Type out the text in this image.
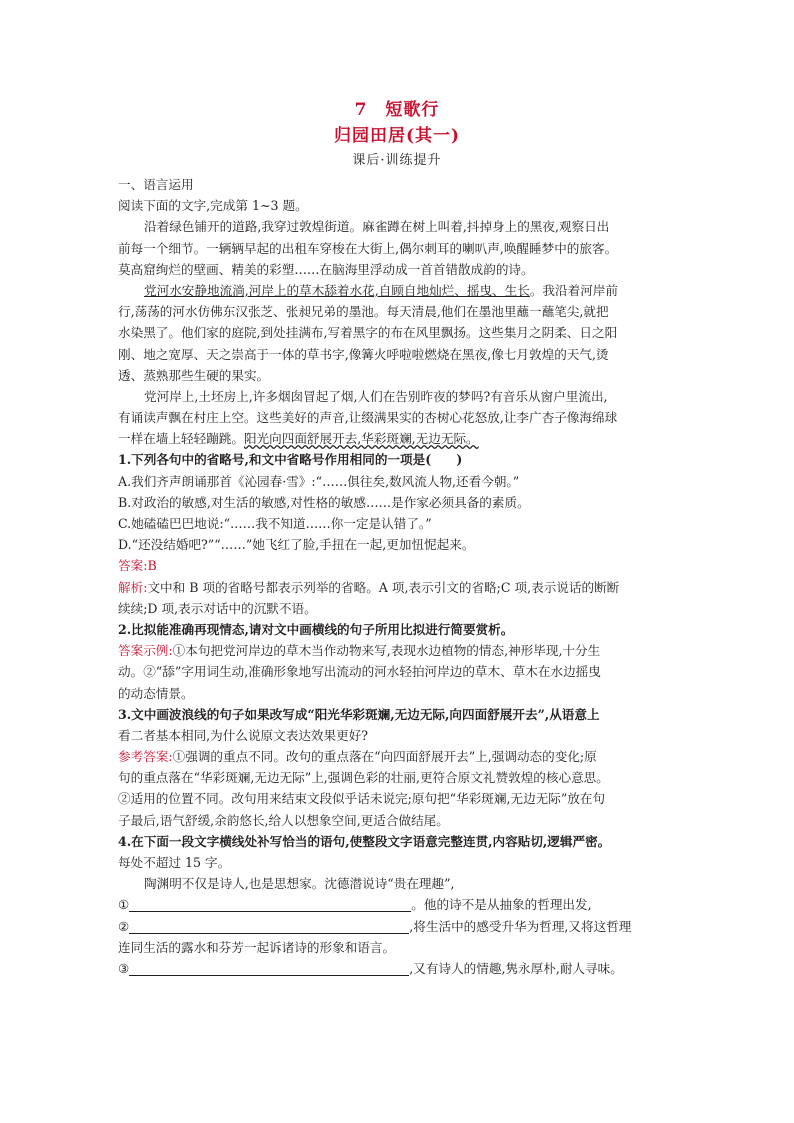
7　短歌行
归园田居(其一)
课后·训练提升
一、语言运用
阅读下面的文字,完成第 1~3 题。
沿着绿色铺开的道路,我穿过敦煌街道。麻雀蹲在树上叫着,抖掉身上的黑夜,观察日出
前每一个细节。一辆辆早起的出租车穿梭在大街上,偶尔刺耳的喇叭声,唤醒睡梦中的旅客。
莫高窟绚烂的壁画、精美的彩塑……在脑海里浮动成一首首错散成韵的诗。
党河水安静地流淌,河岸上的草木舔着水花,自顾自地灿烂、摇曳、生长。我沿着河岸前
行,荡荡的河水仿佛东汉张芝、张昶兄弟的墨池。每天清晨,他们在墨池里蘸一蘸笔尖,就把
水染黑了。他们家的庭院,到处挂满布,写着黑字的布在风里飘扬。这些集月之阴柔、日之阳
刚、地之宽厚、天之崇高于一体的草书字,像篝火呼啦啦燃烧在黑夜,像七月敦煌的天气,烫
透、蒸熟那些生硬的果实。
党河岸上,土坯房上,许多烟囱冒起了烟,人们在告别昨夜的梦吗?有音乐从窗户里流出,
有诵读声飘在村庄上空。这些美好的声音,让缀满果实的杏树心花怒放,让李广杏子像海绵球
一样在墙上轻轻蹦跳。阳光向四面舒展开去,华彩斑斓,无边无际。
1.下列各句中的省略号,和文中省略号作用相同的一项是(　　)
A.我们齐声朗诵那首《沁园春·雪》:“……俱往矣,数风流人物,还看今朝。”
B.对政治的敏感,对生活的敏感,对性格的敏感……是作家必须具备的素质。
C.她磕磕巴巴地说:“……我不知道……你一定是认错了。”
D.“还没结婚吧?”“……”她飞红了脸,手扭在一起,更加忸怩起来。
答案:B
解析:文中和 B 项的省略号都表示列举的省略。A 项,表示引文的省略;C 项,表示说话的断断
续续;D 项,表示对话中的沉默不语。
2.比拟能准确再现情态,请对文中画横线的句子所用比拟进行简要赏析。
答案示例:①本句把党河岸边的草木当作动物来写,表现水边植物的情态,神形毕现,十分生
动。②“舔”字用词生动,准确形象地写出流动的河水轻拍河岸边的草木、草木在水边摇曳
的动态情景。
3.文中画波浪线的句子如果改写成“阳光华彩斑斓,无边无际,向四面舒展开去”,从语意上
看二者基本相同,为什么说原文表达效果更好?
参考答案:①强调的重点不同。改句的重点落在“向四面舒展开去”上,强调动态的变化;原
句的重点落在“华彩斑斓,无边无际”上,强调色彩的壮丽,更符合原文礼赞敦煌的核心意思。
②适用的位置不同。改句用来结束文段似乎话未说完;原句把“华彩斑斓,无边无际”放在句
子最后,语气舒缓,余韵悠长,给人以想象空间,更适合做结尾。
4.在下面一段文字横线处补写恰当的语句,使整段文字语意完整连贯,内容贴切,逻辑严密。
每处不超过 15 字。
陶渊明不仅是诗人,也是思想家。沈德潜说诗“贵在理趣”,
①	。他的诗不是从抽象的哲理出发,
②	,将生活中的感受升华为哲理,又将这哲理
连同生活的露水和芬芳一起诉诸诗的形象和语言。
③	,又有诗人的情趣,隽永厚朴,耐人寻味。
